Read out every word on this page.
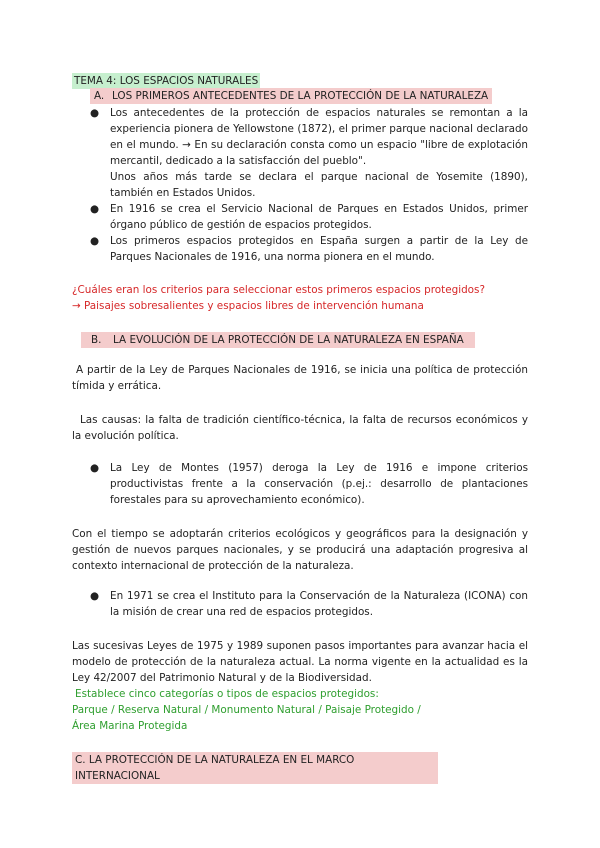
TEMA 4: LOS ESPACIOS NATURALES
A. LOS PRIMEROS ANTECEDENTES DE LA PROTECCIÓN DE LA NATURALEZA
●	Los antecedentes de la protección de espacios naturales se remontan a la experiencia pionera de Yellowstone (1872), el primer parque nacional declarado en el mundo. → En su declaración consta como un espacio "libre de explotación mercantil, dedicado a la satisfacción del pueblo".

Unos años más tarde se declara el parque nacional de Yosemite (1890), también en Estados Unidos.

●	En 1916 se crea el Servicio Nacional de Parques en Estados Unidos, primer órgano público de gestión de espacios protegidos.

●	Los primeros espacios protegidos en España surgen a partir de la Ley de Parques Nacionales de 1916, una norma pionera en el mundo.

¿Cuáles eran los criterios para seleccionar estos primeros espacios protegidos?

→ Paisajes sobresalientes y espacios libres de intervención humana

B. LA EVOLUCIÓN DE LA PROTECCIÓN DE LA NATURALEZA EN ESPAÑA

A partir de la Ley de Parques Nacionales de 1916, se inicia una política de protección tímida y errática.

Las causas: la falta de tradición científico-técnica, la falta de recursos económicos y la evolución política.

●	La Ley de Montes (1957) deroga la Ley de 1916 e impone criterios productivistas frente a la conservación (p.ej.: desarrollo de plantaciones forestales para su aprovechamiento económico).

Con el tiempo se adoptarán criterios ecológicos y geográficos para la designación y gestión de nuevos parques nacionales, y se producirá una adaptación progresiva al contexto internacional de protección de la naturaleza.

●	En 1971 se crea el Instituto para la Conservación de la Naturaleza (ICONA) con la misión de crear una red de espacios protegidos.

Las sucesivas Leyes de 1975 y 1989 suponen pasos importantes para avanzar hacia el modelo de protección de la naturaleza actual. La norma vigente en la actualidad es la Ley 42/2007 del Patrimonio Natural y de la Biodiversidad.

Establece cinco categorías o tipos de espacios protegidos:

Parque / Reserva Natural / Monumento Natural / Paisaje Protegido /

Área Marina Protegida

C. LA PROTECCIÓN DE LA NATURALEZA EN EL MARCO INTERNACIONAL
